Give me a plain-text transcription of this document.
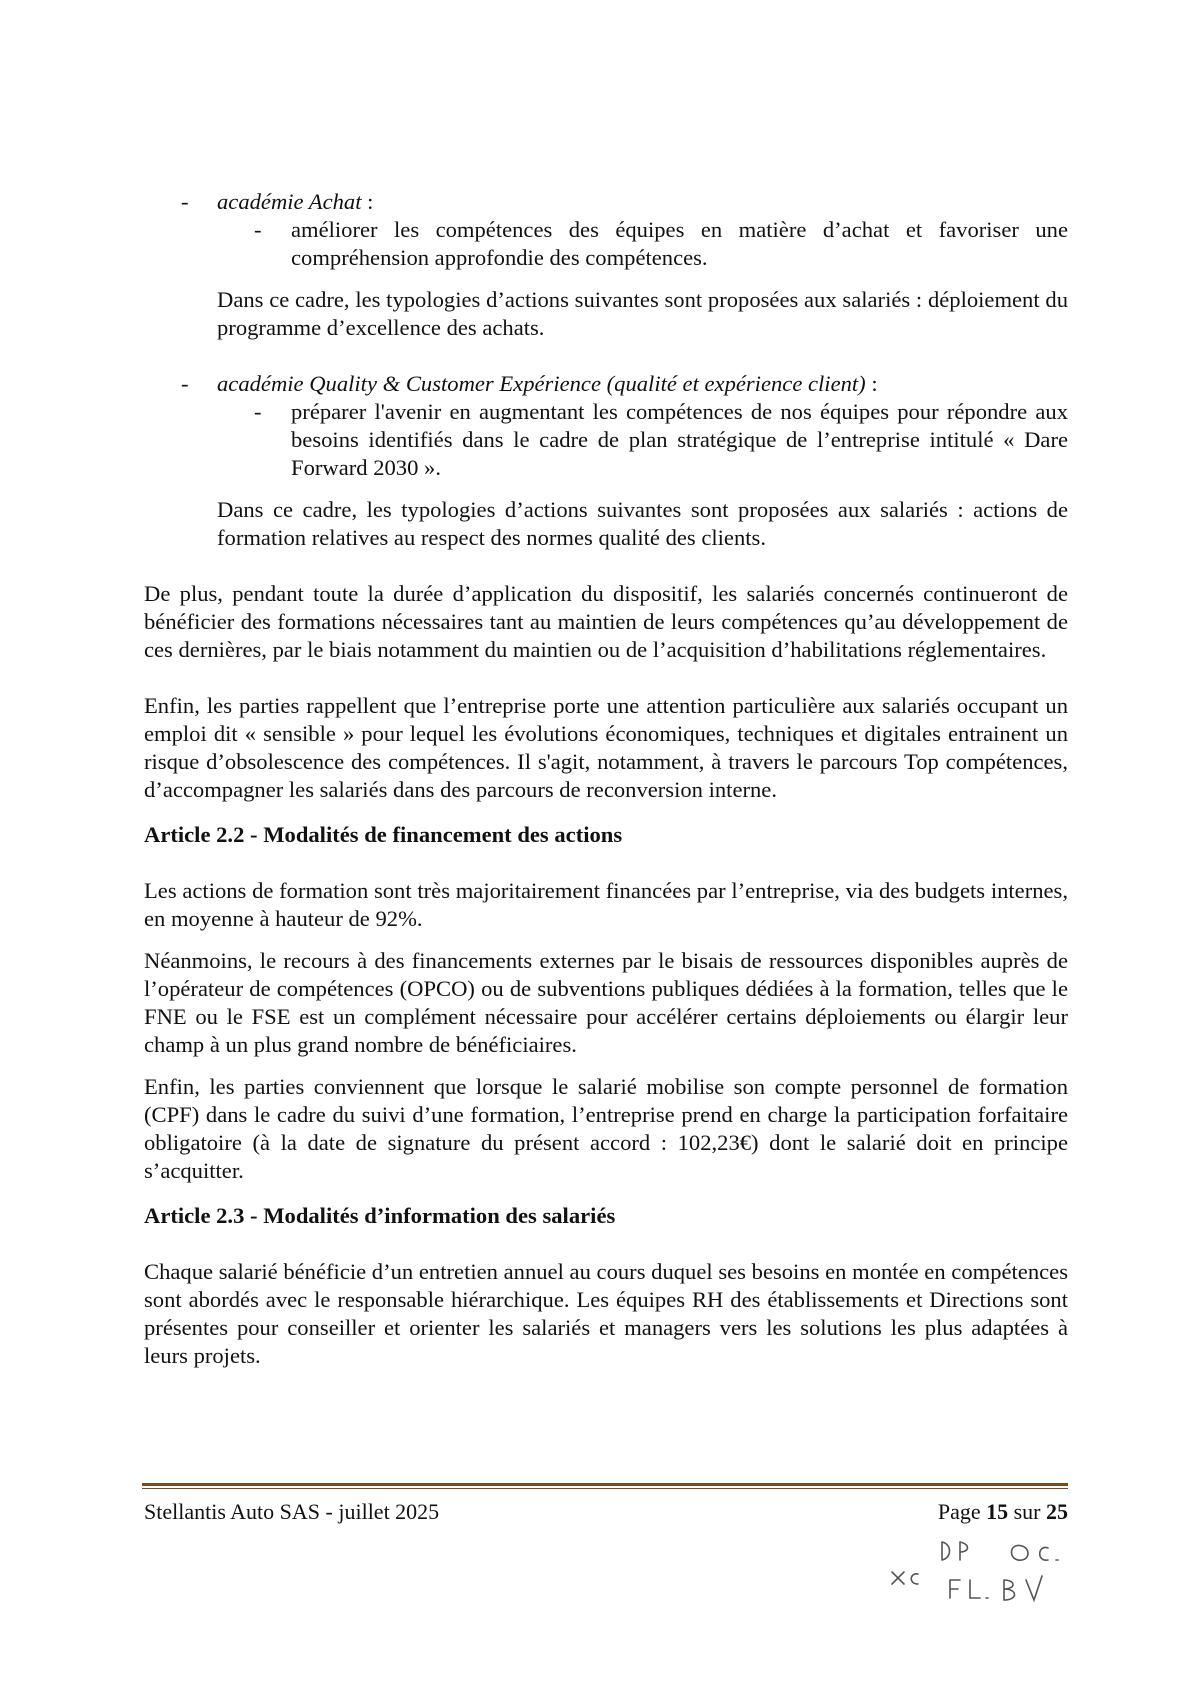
- académie Achat :
- améliorer les compétences des équipes en matière d’achat et favoriser une compréhension approfondie des compétences.

Dans ce cadre, les typologies d’actions suivantes sont proposées aux salariés : déploiement du programme d’excellence des achats.

- académie Quality & Customer Expérience (qualité et expérience client) :
- préparer l'avenir en augmentant les compétences de nos équipes pour répondre aux besoins identifiés dans le cadre de plan stratégique de l’entreprise intitulé « Dare Forward 2030 ».

Dans ce cadre, les typologies d’actions suivantes sont proposées aux salariés : actions de formation relatives au respect des normes qualité des clients.

De plus, pendant toute la durée d’application du dispositif, les salariés concernés continueront de bénéficier des formations nécessaires tant au maintien de leurs compétences qu’au développement de ces dernières, par le biais notamment du maintien ou de l’acquisition d’habilitations réglementaires.

Enfin, les parties rappellent que l’entreprise porte une attention particulière aux salariés occupant un emploi dit « sensible » pour lequel les évolutions économiques, techniques et digitales entrainent un risque d’obsolescence des compétences. Il s'agit, notamment, à travers le parcours Top compétences, d’accompagner les salariés dans des parcours de reconversion interne.

Article 2.2 - Modalités de financement des actions

Les actions de formation sont très majoritairement financées par l’entreprise, via des budgets internes, en moyenne à hauteur de 92%.

Néanmoins, le recours à des financements externes par le bisais de ressources disponibles auprès de l’opérateur de compétences (OPCO) ou de subventions publiques dédiées à la formation, telles que le FNE ou le FSE est un complément nécessaire pour accélérer certains déploiements ou élargir leur champ à un plus grand nombre de bénéficiaires.

Enfin, les parties conviennent que lorsque le salarié mobilise son compte personnel de formation (CPF) dans le cadre du suivi d’une formation, l’entreprise prend en charge la participation forfaitaire obligatoire (à la date de signature du présent accord : 102,23€) dont le salarié doit en principe s’acquitter.

Article 2.3 - Modalités d’information des salariés

Chaque salarié bénéficie d’un entretien annuel au cours duquel ses besoins en montée en compétences sont abordés avec le responsable hiérarchique. Les équipes RH des établissements et Directions sont présentes pour conseiller et orienter les salariés et managers vers les solutions les plus adaptées à leurs projets.

Stellantis Auto SAS - juillet 2025	Page 15 sur 25
